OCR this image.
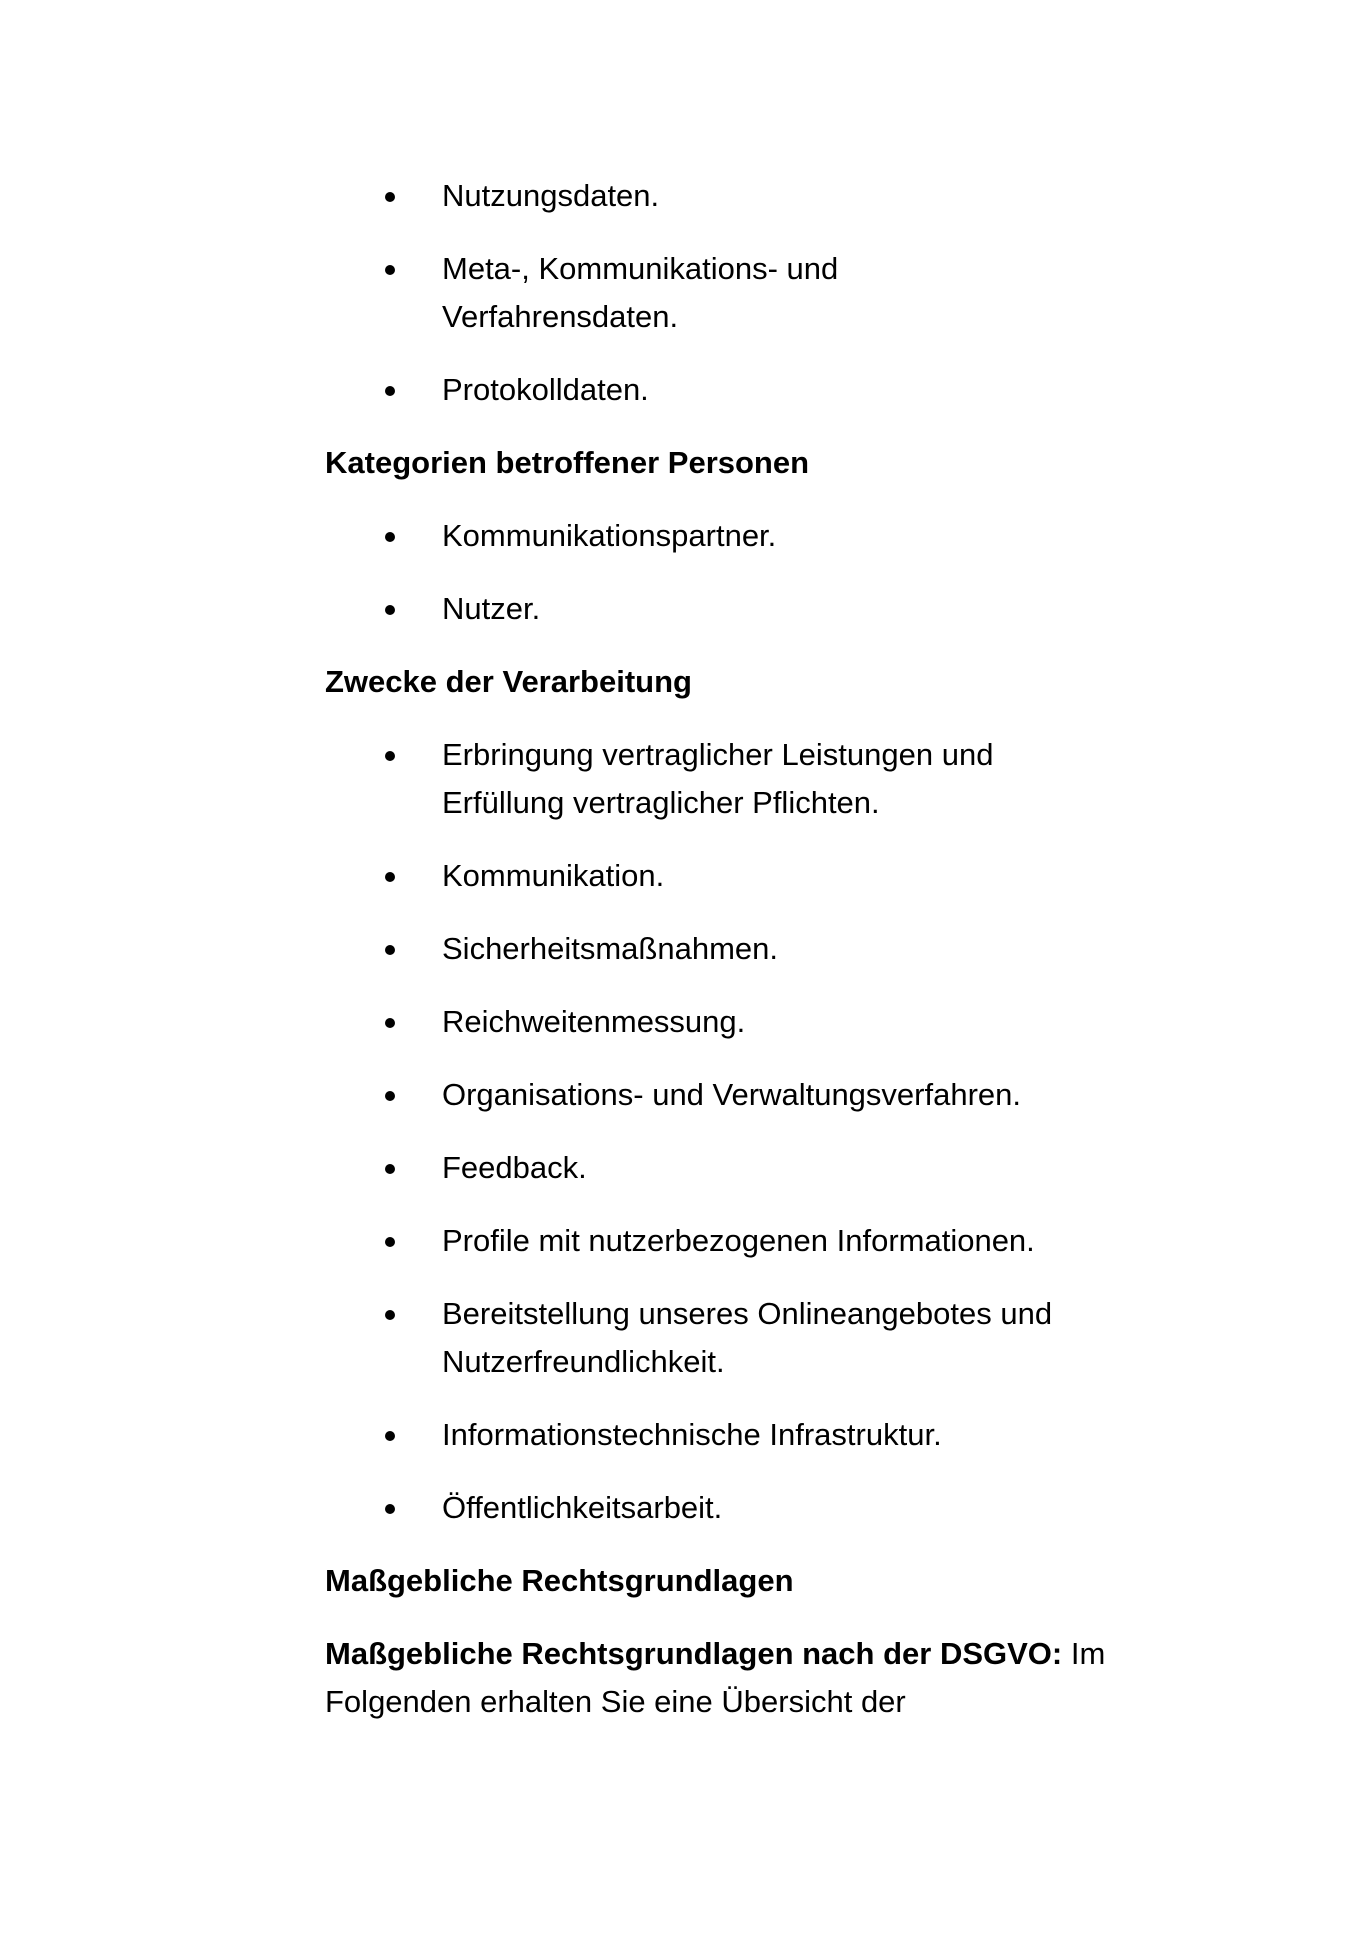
Nutzungsdaten.
Meta-, Kommunikations- und Verfahrensdaten.
Protokolldaten.
Kategorien betroffener Personen
Kommunikationspartner.
Nutzer.
Zwecke der Verarbeitung
Erbringung vertraglicher Leistungen und Erfüllung vertraglicher Pflichten.
Kommunikation.
Sicherheitsmaßnahmen.
Reichweitenmessung.
Organisations- und Verwaltungsverfahren.
Feedback.
Profile mit nutzerbezogenen Informationen.
Bereitstellung unseres Onlineangebotes und Nutzerfreundlichkeit.
Informationstechnische Infrastruktur.
Öffentlichkeitsarbeit.
Maßgebliche Rechtsgrundlagen

Maßgebliche Rechtsgrundlagen nach der DSGVO: Im Folgenden erhalten Sie eine Übersicht der
